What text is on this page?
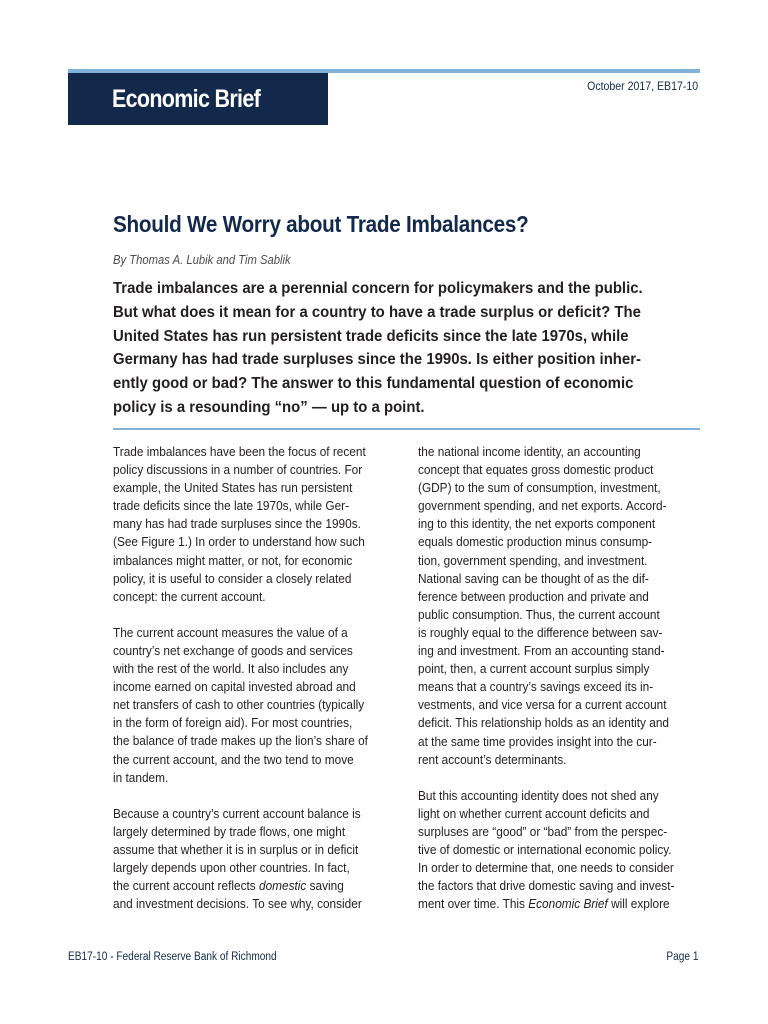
Economic Brief	October 2017, EB17-10
Should We Worry about Trade Imbalances?
By Thomas A. Lubik and Tim Sablik
Trade imbalances are a perennial concern for policymakers and the public.
But what does it mean for a country to have a trade surplus or deficit? The
United States has run persistent trade deficits since the late 1970s, while
Germany has had trade surpluses since the 1990s. Is either position inher-
ently good or bad? The answer to this fundamental question of economic
policy is a resounding “no” — up to a point.
Trade imbalances have been the focus of recent
policy discussions in a number of countries. For
example, the United States has run persistent
trade deficits since the late 1970s, while Ger-
many has had trade surpluses since the 1990s.
(See Figure 1.) In order to understand how such
imbalances might matter, or not, for economic
policy, it is useful to consider a closely related
concept: the current account.
The current account measures the value of a
country’s net exchange of goods and services
with the rest of the world. It also includes any
income earned on capital invested abroad and
net transfers of cash to other countries (typically
in the form of foreign aid). For most countries,
the balance of trade makes up the lion’s share of
the current account, and the two tend to move
in tandem.
Because a country’s current account balance is
largely determined by trade flows, one might
assume that whether it is in surplus or in deficit
largely depends upon other countries. In fact,
the current account reflects domestic saving
and investment decisions. To see why, consider
the national income identity, an accounting
concept that equates gross domestic product
(GDP) to the sum of consumption, investment,
government spending, and net exports. Accord-
ing to this identity, the net exports component
equals domestic production minus consump-
tion, government spending, and investment.
National saving can be thought of as the dif-
ference between production and private and
public consumption. Thus, the current account
is roughly equal to the difference between sav-
ing and investment. From an accounting stand-
point, then, a current account surplus simply
means that a country’s savings exceed its in-
vestments, and vice versa for a current account
deficit. This relationship holds as an identity and
at the same time provides insight into the cur-
rent account’s determinants.
But this accounting identity does not shed any
light on whether current account deficits and
surpluses are “good” or “bad” from the perspec-
tive of domestic or international economic policy.
In order to determine that, one needs to consider
the factors that drive domestic saving and invest-
ment over time. This Economic Brief will explore
EB17-10 - Federal Reserve Bank of Richmond	Page 1
